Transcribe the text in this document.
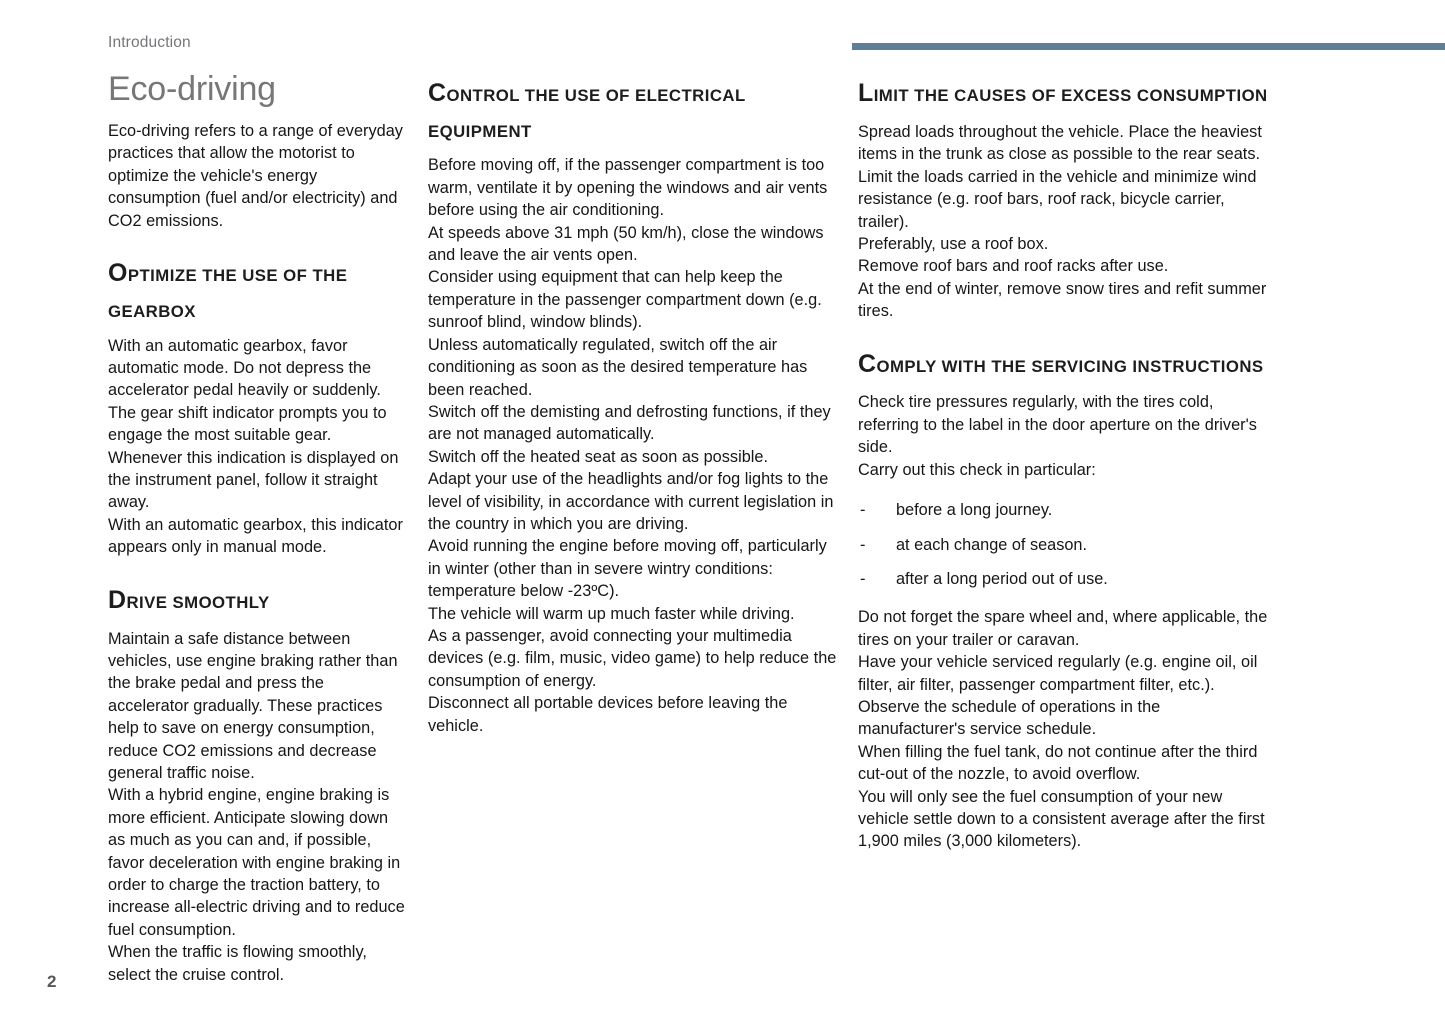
Introduction
Eco-driving
Eco-driving refers to a range of everyday practices that allow the motorist to optimize the vehicle's energy consumption (fuel and/or electricity) and CO2 emissions.
OPTIMIZE THE USE OF THE GEARBOX

With an automatic gearbox, favor automatic mode. Do not depress the accelerator pedal heavily or suddenly.

The gear shift indicator prompts you to engage the most suitable gear. Whenever this indication is displayed on the instrument panel, follow it straight away.

With an automatic gearbox, this indicator appears only in manual mode.

DRIVE SMOOTHLY

Maintain a safe distance between vehicles, use engine braking rather than the brake pedal and press the accelerator gradually. These practices help to save on energy consumption, reduce CO2 emissions and decrease general traffic noise.

With a hybrid engine, engine braking is more efficient. Anticipate slowing down as much as you can and, if possible, favor deceleration with engine braking in order to charge the traction battery, to increase all-electric driving and to reduce fuel consumption.

When the traffic is flowing smoothly, select the cruise control.

CONTROL THE USE OF ELECTRICAL EQUIPMENT

Before moving off, if the passenger compartment is too warm, ventilate it by opening the windows and air vents before using the air conditioning.

At speeds above 31 mph (50 km/h), close the windows and leave the air vents open.

Consider using equipment that can help keep the temperature in the passenger compartment down (e.g. sunroof blind, window blinds).

Unless automatically regulated, switch off the air conditioning as soon as the desired temperature has been reached.

Switch off the demisting and defrosting functions, if they are not managed automatically.

Switch off the heated seat as soon as possible.

Adapt your use of the headlights and/or fog lights to the level of visibility, in accordance with current legislation in the country in which you are driving.

Avoid running the engine before moving off, particularly in winter (other than in severe wintry conditions: temperature below -23ºC).

The vehicle will warm up much faster while driving.

As a passenger, avoid connecting your multimedia devices (e.g. film, music, video game) to help reduce the consumption of energy.

Disconnect all portable devices before leaving the vehicle.

LIMIT THE CAUSES OF EXCESS CONSUMPTION

Spread loads throughout the vehicle. Place the heaviest items in the trunk as close as possible to the rear seats.

Limit the loads carried in the vehicle and minimize wind resistance (e.g. roof bars, roof rack, bicycle carrier, trailer).

Preferably, use a roof box.

Remove roof bars and roof racks after use.

At the end of winter, remove snow tires and refit summer tires.

COMPLY WITH THE SERVICING INSTRUCTIONS

Check tire pressures regularly, with the tires cold, referring to the label in the door aperture on the driver's side.

Carry out this check in particular:

- before a long journey.
- at each change of season.
- after a long period out of use.

Do not forget the spare wheel and, where applicable, the tires on your trailer or caravan.

Have your vehicle serviced regularly (e.g. engine oil, oil filter, air filter, passenger compartment filter, etc.). Observe the schedule of operations in the manufacturer's service schedule.

When filling the fuel tank, do not continue after the third cut-out of the nozzle, to avoid overflow.

You will only see the fuel consumption of your new vehicle settle down to a consistent average after the first 1,900 miles (3,000 kilometers).

2
